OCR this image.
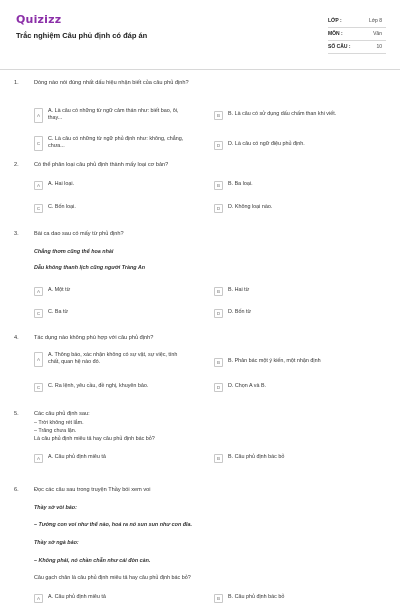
Quizizz
Trắc nghiệm Câu phủ định có đáp án
LỚP :	Lớp 8
MÔN :	Văn
SỐ CÂU :	10
1.	Dòng nào nói đúng nhất dấu hiệu nhận biết của câu phủ định?
A
A. Là câu có những từ ngữ cảm thán như: biết bao, ôi, thay...	B	B. Là câu có sử dụng dấu chấm than khi viết.
C
C. Là câu có những từ ngữ phủ định như: không, chẳng, chưa...	D	D. Là câu có ngữ điệu phủ định.
2.	Có thể phân loại câu phủ định thành mấy loại cơ bản?
A	A. Hai loại.	B	B. Ba loại.
C	C. Bốn loại.	D	D. Không loại nào.
3.	Bài ca dao sau có mấy từ phủ định?
Chẳng thơm cũng thể hoa nhài
Dẫu không thanh lịch cũng người Tràng An
A	A. Một từ	B	B. Hai từ
C	C. Ba từ	D	D. Bốn từ
4.	Tác dụng nào không phù hợp với câu phủ định?
A
A. Thông báo, xác nhận không có sự vật, sự việc, tính chất, quan hệ nào đó.	B	B. Phản bác một ý kiến, một nhận định
C	C. Ra lệnh, yêu cầu, đề nghị, khuyên bảo.	D	D. Chọn A và B.
5.	Các câu phủ định sau:
– Trời không rét lắm.
– Trăng chưa lặn.
Là câu phủ định miêu tả hay câu phủ định bác bỏ?
A	A. Câu phủ định miêu tả	B	B. Câu phủ định bác bỏ
6.	Đọc các câu sau trong truyện Thầy bói xem voi
Thầy sờ vòi bảo:
– Tưởng con voi như thế nào, hoá ra nó sun sun như con đỉa.
Thầy sờ ngà bảo:
– Không phải, nó chần chẫn như cái đòn càn.
Câu gạch chân là câu phủ định miêu tả hay câu phủ định bác bỏ?
A	A. Câu phủ định miêu tả	B	B. Câu phủ định bác bỏ
